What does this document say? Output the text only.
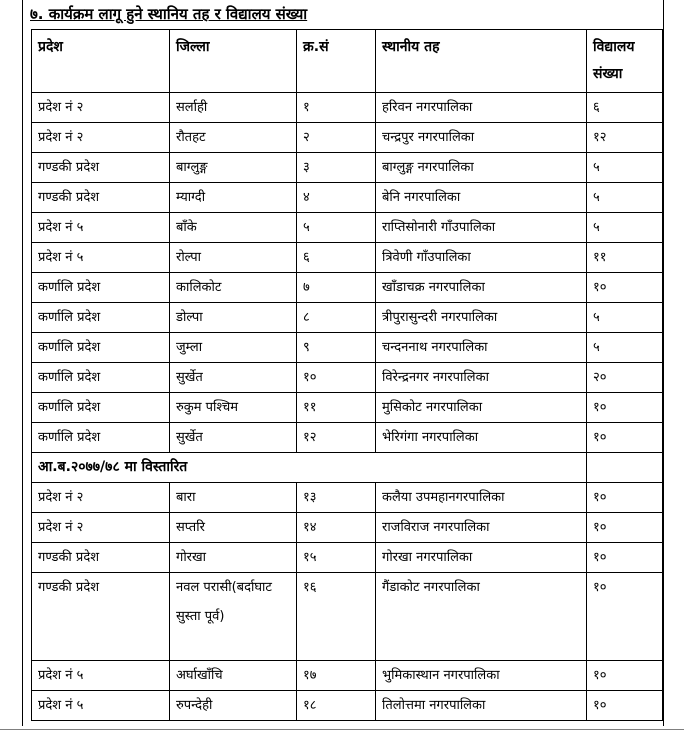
७. कार्यक्रम लागू हुने स्थानिय तह र विद्यालय संख्या
प्रदेश	जिल्ला	क्र.सं	स्थानीय तह	विद्यालय संख्या
प्रदेश नं २	सर्लाही	१	हरिवन नगरपालिका	६
प्रदेश नं २	रौतहट	२	चन्द्रपुर नगरपालिका	१२
गण्डकी प्रदेश	बाग्लुङ्ग	३	बाग्लुङ्ग नगरपालिका	५
गण्डकी प्रदेश	म्याग्दी	४	बेनि नगरपालिका	५
प्रदेश नं ५	बाँके	५	राप्तिसोनारी गाँउपालिका	५
प्रदेश नं ५	रोल्पा	६	त्रिवेणी गाँउपालिका	११
कर्णालि प्रदेश	कालिकोट	७	खाँडाचक्र नगरपालिका	१०
कर्णालि प्रदेश	डोल्पा	८	त्रीपुरासुन्दरी नगरपालिका	५
कर्णालि प्रदेश	जुम्ला	९	चन्दननाथ नगरपालिका	५
कर्णालि प्रदेश	सुर्खेत	१०	विरेन्द्रनगर नगरपालिका	२०
कर्णालि प्रदेश	रुकुम पश्चिम	११	मुसिकोट नगरपालिका	१०
कर्णालि प्रदेश	सुर्खेत	१२	भेरिगंगा नगरपालिका	१०
आ.ब.२०७७/७८ मा विस्तारित				
प्रदेश नं २	बारा	१३	कलैया उपमहानगरपालिका	१०
प्रदेश नं २	सप्तरि	१४	राजविराज नगरपालिका	१०
गण्डकी प्रदेश	गोरखा	१५	गोरखा नगरपालिका	१०
गण्डकी प्रदेश	नवल परासी(बर्दाघाट सुस्ता पूर्व)	१६	गैंडाकोट नगरपालिका	१०
प्रदेश नं ५	अर्घाखाँचि	१७	भुमिकास्थान नगरपालिका	१०
प्रदेश नं ५	रुपन्देही	१८	तिलोत्तमा नगरपालिका	१०
